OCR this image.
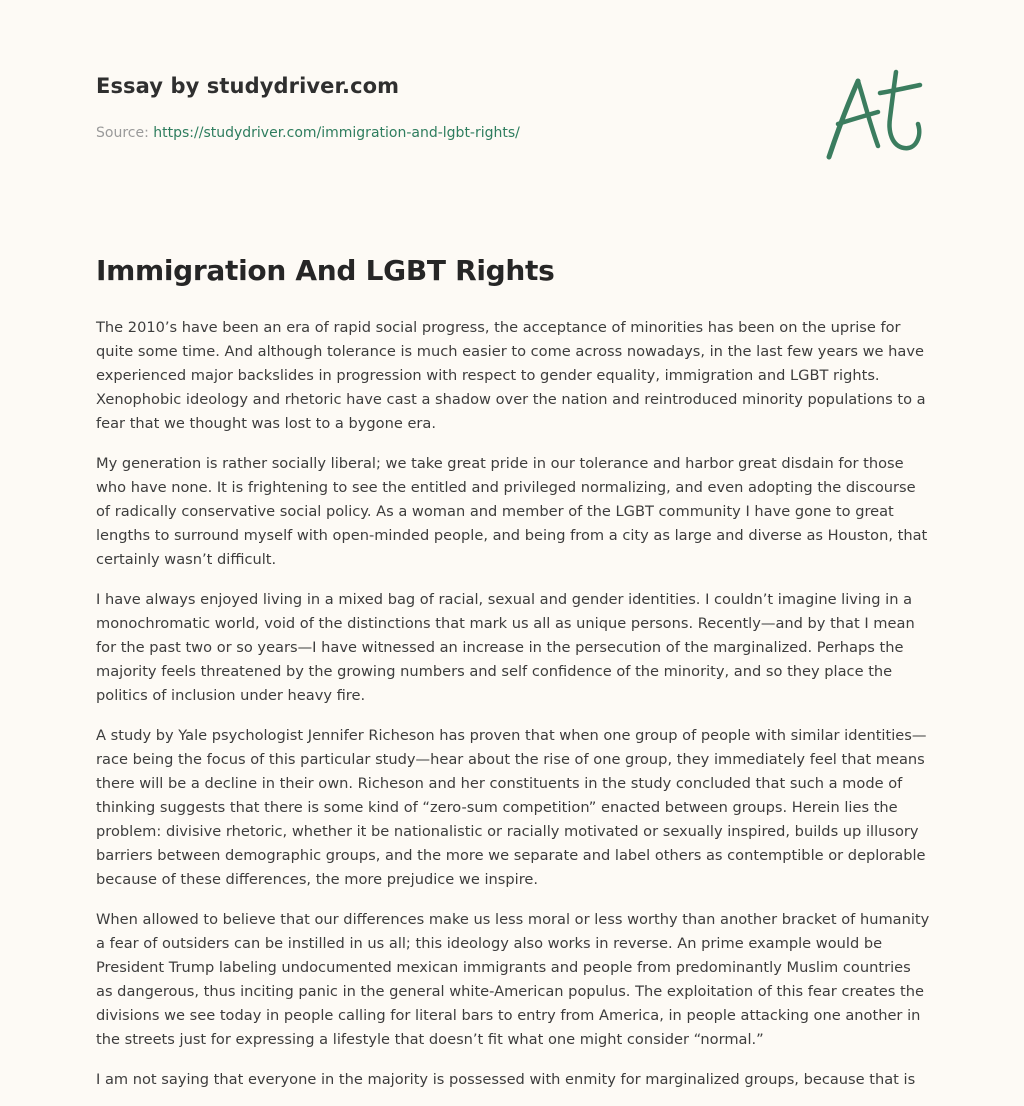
Essay by studydriver.com
Source: https://studydriver.com/immigration-and-lgbt-rights/
Immigration And LGBT Rights

The 2010’s have been an era of rapid social progress, the acceptance of minorities has been on the uprise for quite some time. And although tolerance is much easier to come across nowadays, in the last few years we have experienced major backslides in progression with respect to gender equality, immigration and LGBT rights. Xenophobic ideology and rhetoric have cast a shadow over the nation and reintroduced minority populations to a fear that we thought was lost to a bygone era.

My generation is rather socially liberal; we take great pride in our tolerance and harbor great disdain for those who have none. It is frightening to see the entitled and privileged normalizing, and even adopting the discourse of radically conservative social policy. As a woman and member of the LGBT community I have gone to great lengths to surround myself with open-minded people, and being from a city as large and diverse as Houston, that certainly wasn’t difficult.

I have always enjoyed living in a mixed bag of racial, sexual and gender identities. I couldn’t imagine living in a monochromatic world, void of the distinctions that mark us all as unique persons. Recently—and by that I mean for the past two or so years—I have witnessed an increase in the persecution of the marginalized. Perhaps the majority feels threatened by the growing numbers and self confidence of the minority, and so they place the politics of inclusion under heavy fire.

A study by Yale psychologist Jennifer Richeson has proven that when one group of people with similar identities—race being the focus of this particular study—hear about the rise of one group, they immediately feel that means there will be a decline in their own. Richeson and her constituents in the study concluded that such a mode of thinking suggests that there is some kind of “zero-sum competition” enacted between groups. Herein lies the problem: divisive rhetoric, whether it be nationalistic or racially motivated or sexually inspired, builds up illusory barriers between demographic groups, and the more we separate and label others as contemptible or deplorable because of these differences, the more prejudice we inspire.

When allowed to believe that our differences make us less moral or less worthy than another bracket of humanity a fear of outsiders can be instilled in us all; this ideology also works in reverse. An prime example would be President Trump labeling undocumented mexican immigrants and people from predominantly Muslim countries as dangerous, thus inciting panic in the general white-American populus. The exploitation of this fear creates the divisions we see today in people calling for literal bars to entry from America, in people attacking one another in the streets just for expressing a lifestyle that doesn’t fit what one might consider “normal.”

I am not saying that everyone in the majority is possessed with enmity for marginalized groups, because that is
